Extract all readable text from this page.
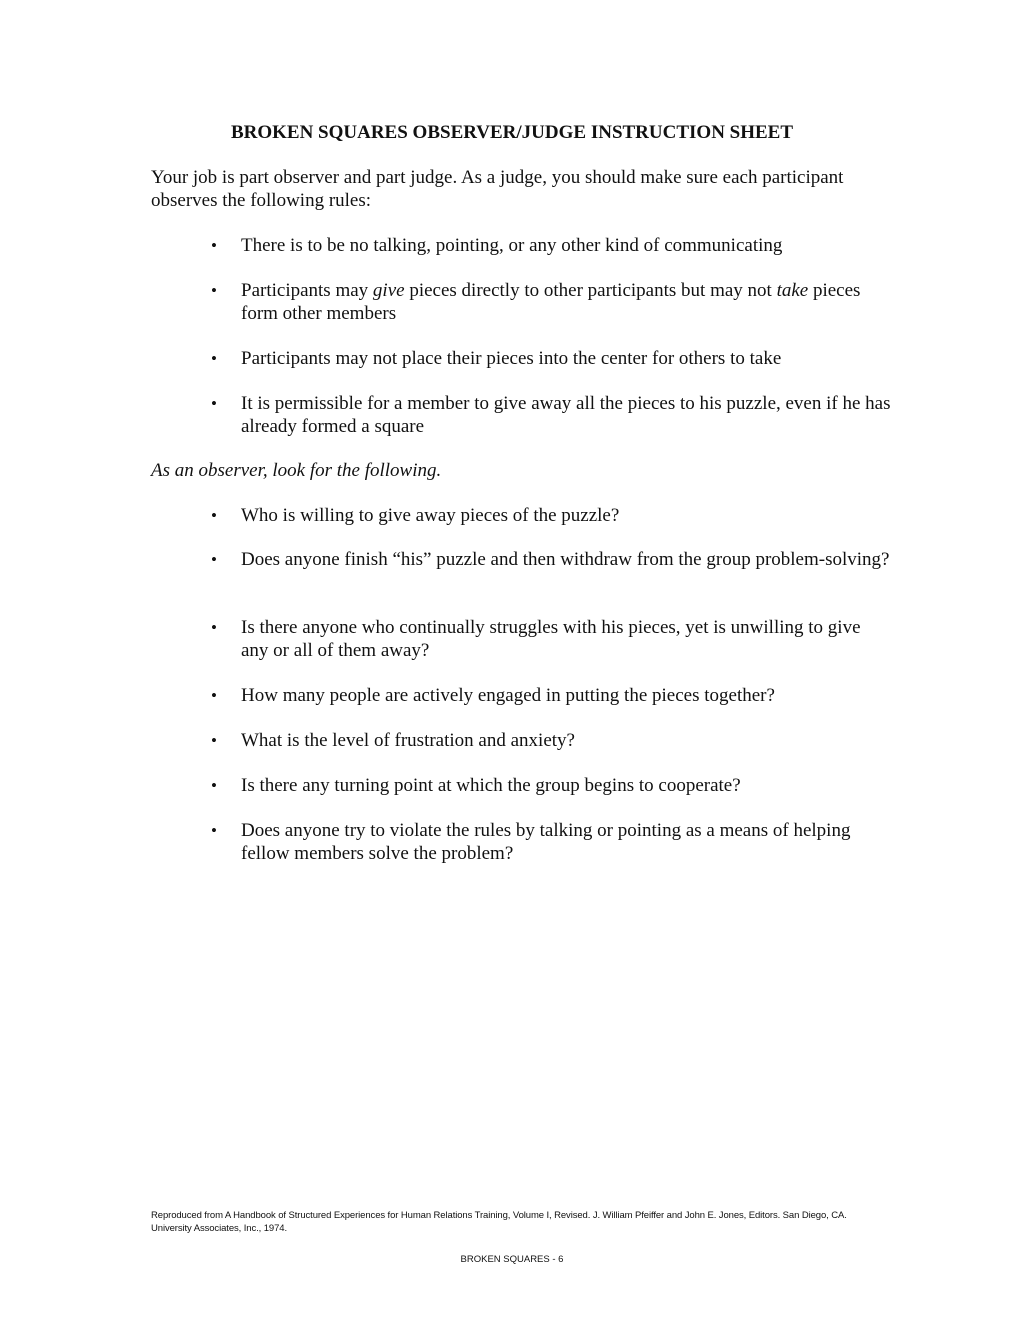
BROKEN SQUARES OBSERVER/JUDGE INSTRUCTION SHEET

Your job is part observer and part judge. As a judge, you should make sure each participant observes the following rules:

• There is to be no talking, pointing, or any other kind of communicating
• Participants may give pieces directly to other participants but may not take pieces form other members
• Participants may not place their pieces into the center for others to take
• It is permissible for a member to give away all the pieces to his puzzle, even if he has already formed a square

As an observer, look for the following.

• Who is willing to give away pieces of the puzzle?
• Does anyone finish “his” puzzle and then withdraw from the group problem-solving?
• Is there anyone who continually struggles with his pieces, yet is unwilling to give any or all of them away?
• How many people are actively engaged in putting the pieces together?
• What is the level of frustration and anxiety?
• Is there any turning point at which the group begins to cooperate?
• Does anyone try to violate the rules by talking or pointing as a means of helping fellow members solve the problem?
Reproduced from A Handbook of Structured Experiences for Human Relations Training, Volume I, Revised. J. William Pfeiffer and John E. Jones, Editors. San Diego, CA. University Associates, Inc., 1974.
BROKEN SQUARES - 6
